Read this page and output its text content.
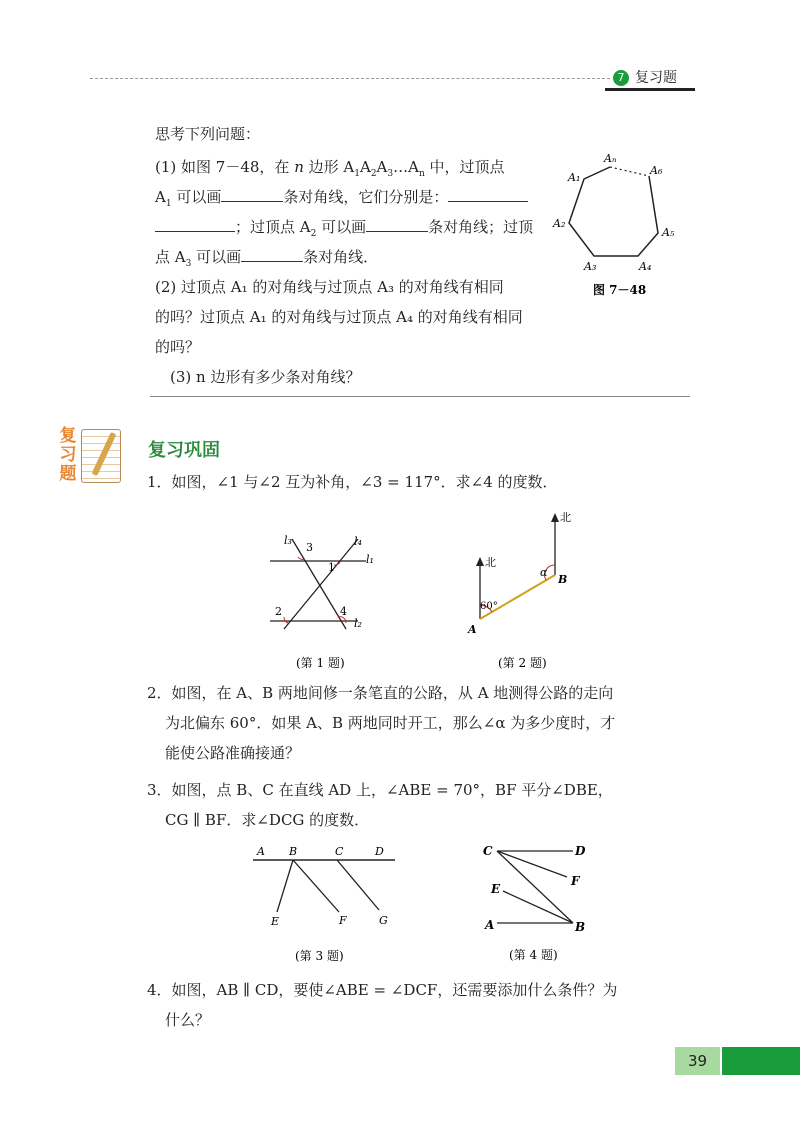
7 复习题
思考下列问题：
(1) 如图 7－48，在 n 边形 $A_1A_2A_3\dots A_n$ 中，过顶点
$A_1$ 可以画	条对角线，它们分别是：
；过顶点 $A_2$ 可以画	条对角线；过顶
点 $A_3$ 可以画	条对角线．
(2) 过顶点 A₁ 的对角线与过顶点 A₃ 的对角线有相同
的吗？过顶点 A₁ 的对角线与过顶点 A₄ 的对角线有相同
的吗？
(3) n 边形有多少条对角线？
A₁
A₂
A₃	A₄
A₅
A₆
Aₙ
图 7－48
复
习
题
复习巩固
1．如图，∠1 与∠2 互为补角，∠3 = 117°．求∠4 的度数．
l₃	l₄
l₁
l₂
3
1
2	4
(第 1 题)
北
北
60°
α
B
A
(第 2 题)
2．如图，在 A、B 两地间修一条笔直的公路，从 A 地测得公路的走向
为北偏东 60°．如果 A、B 两地同时开工，那么∠α 为多少度时，才
能使公路准确接通？
3．如图，点 B、C 在直线 AD 上，∠ABE = 70°，BF 平分∠DBE，
CG ∥ BF．求∠DCG 的度数．
A B	C	D
E	F	G
(第 3 题)
C	D
F
E
A	B
(第 4 题)
4．如图，AB ∥ CD，要使∠ABE = ∠DCF，还需要添加什么条件？为
什么？
39
